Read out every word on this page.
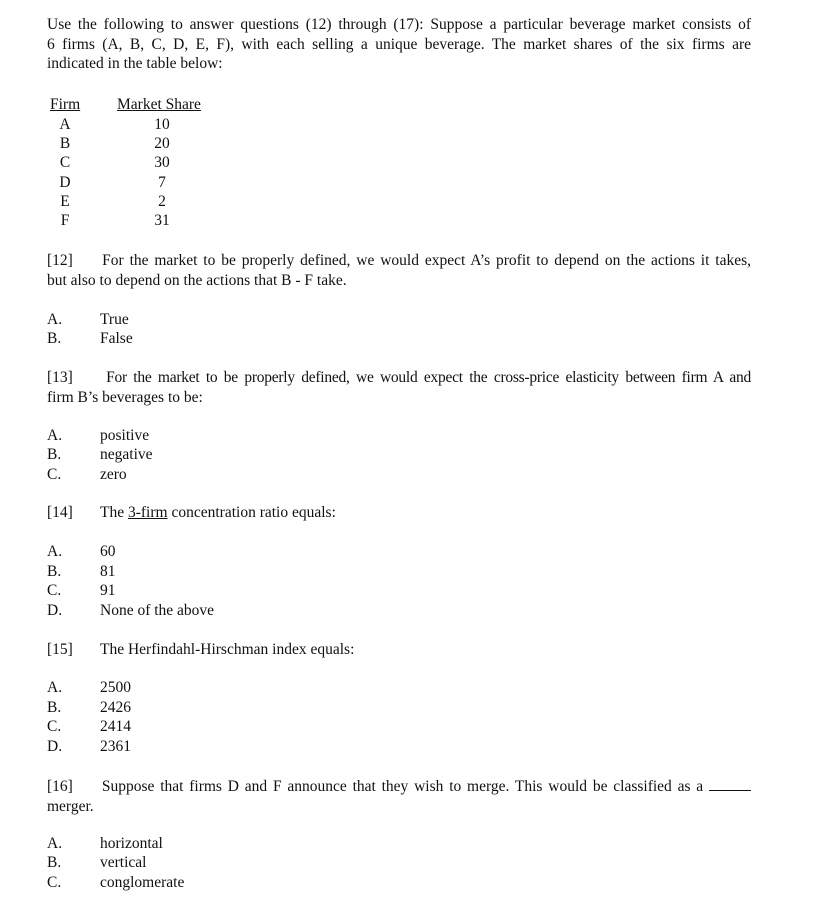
Use the following to answer questions (12) through (17): Suppose a particular beverage market consists of
6 firms (A, B, C, D, E, F), with each selling a unique beverage. The market shares of the six firms are
indicated in the table below:
Firm Market Share
A	10
B	20
C	30
D	7
E	2
F	31
[12] For the market to be properly defined, we would expect A’s profit to depend on the actions it takes,
but also to depend on the actions that B - F take.
A. True
B.	False
[13] For the market to be properly defined, we would expect the cross-price elasticity between firm A and
firm B’s beverages to be:
A. positive
B.	negative
C.	zero
[14] The 3-firm concentration ratio equals:
A. 60
B.	81
C.	91
D. None of the above
[15] The Herfindahl-Hirschman index equals:
A. 2500
B.	2426
C.	2414
D. 2361
[16] Suppose that firms D and F announce that they wish to merge. This would be classified as a
merger.
A. horizontal
B.	vertical
C.	conglomerate
